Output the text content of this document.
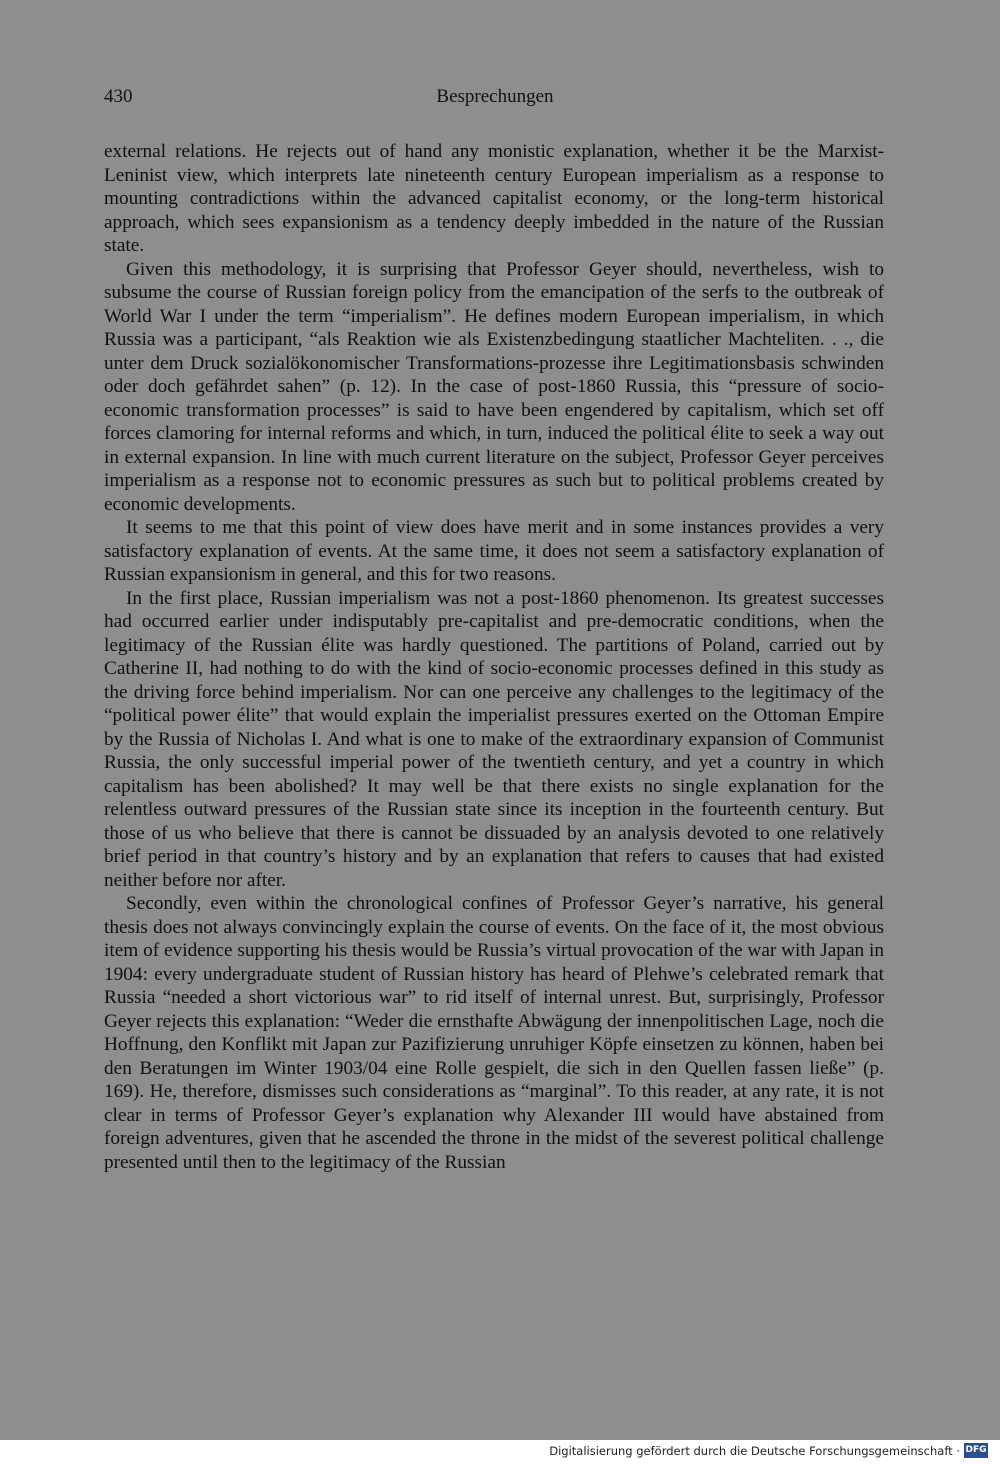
430	Besprechungen

external relations. He rejects out of hand any monistic explanation, whether it be the Marxist-Leninist view, which interprets late nineteenth century European imperialism as a response to mounting contradictions within the advanced capitalist economy, or the long-term historical approach, which sees expansionism as a tendency deeply imbedded in the nature of the Russian state.

Given this methodology, it is surprising that Professor Geyer should, nevertheless, wish to subsume the course of Russian foreign policy from the emancipation of the serfs to the outbreak of World War I under the term “imperialism”. He defines modern European imperialism, in which Russia was a participant, “als Reaktion wie als Existenzbedingung staatlicher Machteliten. . ., die unter dem Druck sozialökonomischer Transformations-prozesse ihre Legitimationsbasis schwinden oder doch gefährdet sahen” (p. 12). In the case of post-1860 Russia, this “pressure of socio-economic transformation processes” is said to have been engendered by capitalism, which set off forces clamoring for internal reforms and which, in turn, induced the political élite to seek a way out in external expansion. In line with much current literature on the subject, Professor Geyer perceives imperialism as a response not to economic pressures as such but to political problems created by economic developments.

It seems to me that this point of view does have merit and in some instances provides a very satisfactory explanation of events. At the same time, it does not seem a satisfactory explanation of Russian expansionism in general, and this for two reasons.

In the first place, Russian imperialism was not a post-1860 phenomenon. Its greatest successes had occurred earlier under indisputably pre-capitalist and pre-democratic conditions, when the legitimacy of the Russian élite was hardly questioned. The partitions of Poland, carried out by Catherine II, had nothing to do with the kind of socio-economic processes defined in this study as the driving force behind imperialism. Nor can one perceive any challenges to the legitimacy of the “political power élite” that would explain the imperialist pressures exerted on the Ottoman Empire by the Russia of Nicholas I. And what is one to make of the extraordinary expansion of Communist Russia, the only successful imperial power of the twentieth century, and yet a country in which capitalism has been abolished? It may well be that there exists no single explanation for the relentless outward pressures of the Russian state since its inception in the fourteenth century. But those of us who believe that there is cannot be dissuaded by an analysis devoted to one relatively brief period in that country’s history and by an explanation that refers to causes that had existed neither before nor after.

Secondly, even within the chronological confines of Professor Geyer’s narrative, his general thesis does not always convincingly explain the course of events. On the face of it, the most obvious item of evidence supporting his thesis would be Russia’s virtual provocation of the war with Japan in 1904: every undergraduate student of Russian history has heard of Plehwe’s celebrated remark that Russia “needed a short victorious war” to rid itself of internal unrest. But, surprisingly, Professor Geyer rejects this explanation: “Weder die ernsthafte Abwägung der innenpolitischen Lage, noch die Hoffnung, den Konflikt mit Japan zur Pazifizierung unruhiger Köpfe einsetzen zu können, haben bei den Beratungen im Winter 1903/04 eine Rolle gespielt, die sich in den Quellen fassen ließe” (p. 169). He, therefore, dismisses such considerations as “marginal”. To this reader, at any rate, it is not clear in terms of Professor Geyer’s explanation why Alexander III would have abstained from foreign adventures, given that he ascended the throne in the midst of the severest political challenge presented until then to the legitimacy of the Russian

Digitalisierung gefördert durch die Deutsche Forschungsgemeinschaft · DFG
